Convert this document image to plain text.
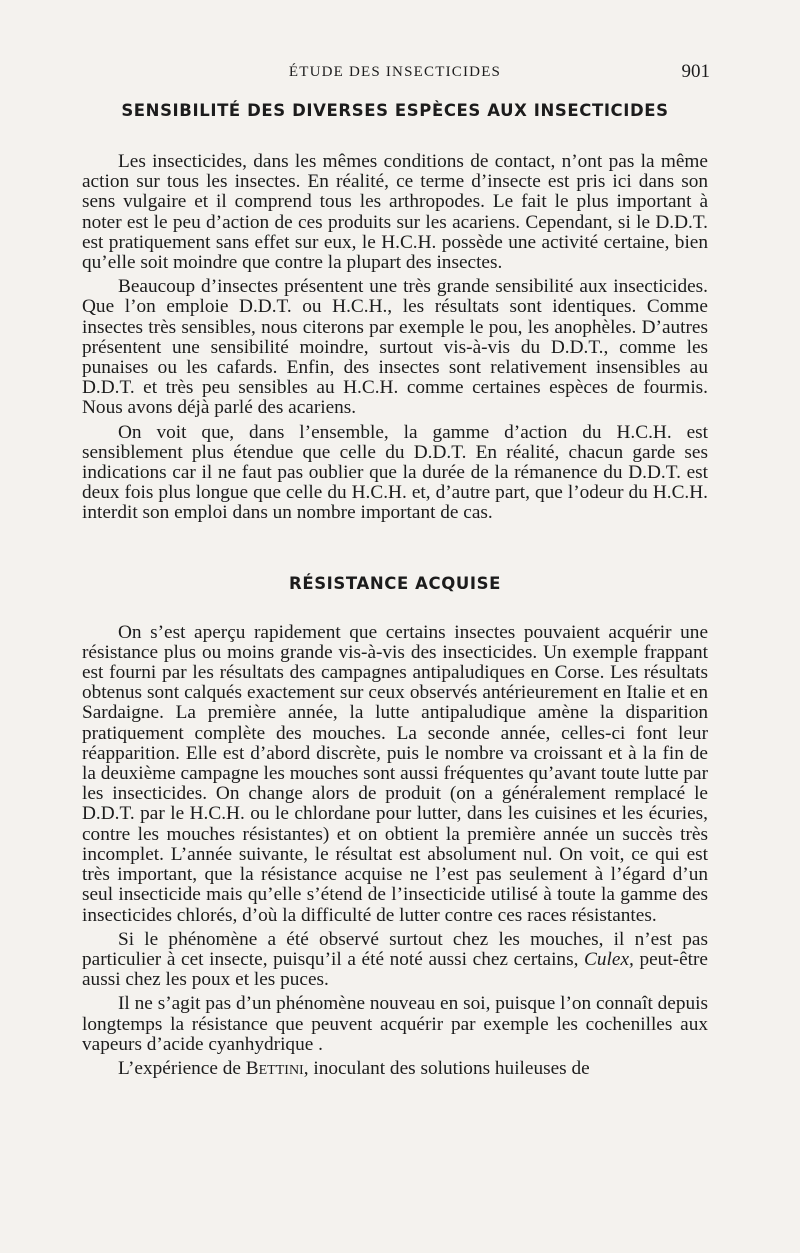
ÉTUDE DES INSECTICIDES	901
SENSIBILITÉ DES DIVERSES ESPÈCES AUX INSECTICIDES

Les insecticides, dans les mêmes conditions de contact, n’ont pas la même action sur tous les insectes. En réalité, ce terme d’insecte est pris ici dans son sens vulgaire et il comprend tous les arthropodes. Le fait le plus important à noter est le peu d’action de ces produits sur les acariens. Cependant, si le D.D.T. est pratiquement sans effet sur eux, le H.C.H. possède une activité certaine, bien qu’elle soit moindre que contre la plupart des insectes.

Beaucoup d’insectes présentent une très grande sensibilité aux insecticides. Que l’on emploie D.D.T. ou H.C.H., les résultats sont identiques. Comme insectes très sensibles, nous citerons par exemple le pou, les anophèles. D’autres présentent une sensibilité moindre, surtout vis-à-vis du D.D.T., comme les punaises ou les cafards. Enfin, des insectes sont relativement insensibles au D.D.T. et très peu sensibles au H.C.H. comme certaines espèces de fourmis. Nous avons déjà parlé des acariens.

On voit que, dans l’ensemble, la gamme d’action du H.C.H. est sensiblement plus étendue que celle du D.D.T. En réalité, chacun garde ses indications car il ne faut pas oublier que la durée de la rémanence du D.D.T. est deux fois plus longue que celle du H.C.H. et, d’autre part, que l’odeur du H.C.H. interdit son emploi dans un nombre important de cas.

RÉSISTANCE ACQUISE

On s’est aperçu rapidement que certains insectes pouvaient acquérir une résistance plus ou moins grande vis-à-vis des insecticides. Un exemple frappant est fourni par les résultats des campagnes antipaludiques en Corse. Les résultats obtenus sont calqués exactement sur ceux observés antérieurement en Italie et en Sardaigne. La première année, la lutte antipaludique amène la disparition pratiquement complète des mouches. La seconde année, celles-ci font leur réapparition. Elle est d’abord discrète, puis le nombre va croissant et à la fin de la deuxième campagne les mouches sont aussi fréquentes qu’avant toute lutte par les insecticides. On change alors de produit (on a généralement remplacé le D.D.T. par le H.C.H. ou le chlordane pour lutter, dans les cuisines et les écuries, contre les mouches résistantes) et on obtient la première année un succès très incomplet. L’année suivante, le résultat est absolument nul. On voit, ce qui est très important, que la résistance acquise ne l’est pas seulement à l’égard d’un seul insecticide mais qu’elle s’étend de l’insecticide utilisé à toute la gamme des insecticides chlorés, d’où la difficulté de lutter contre ces races résistantes.

Si le phénomène a été observé surtout chez les mouches, il n’est pas particulier à cet insecte, puisqu’il a été noté aussi chez certains, Culex, peut-être aussi chez les poux et les puces.

Il ne s’agit pas d’un phénomène nouveau en soi, puisque l’on connaît depuis longtemps la résistance que peuvent acquérir par exemple les cochenilles aux vapeurs d’acide cyanhydrique .

L’expérience de Bettini, inoculant des solutions huileuses de
